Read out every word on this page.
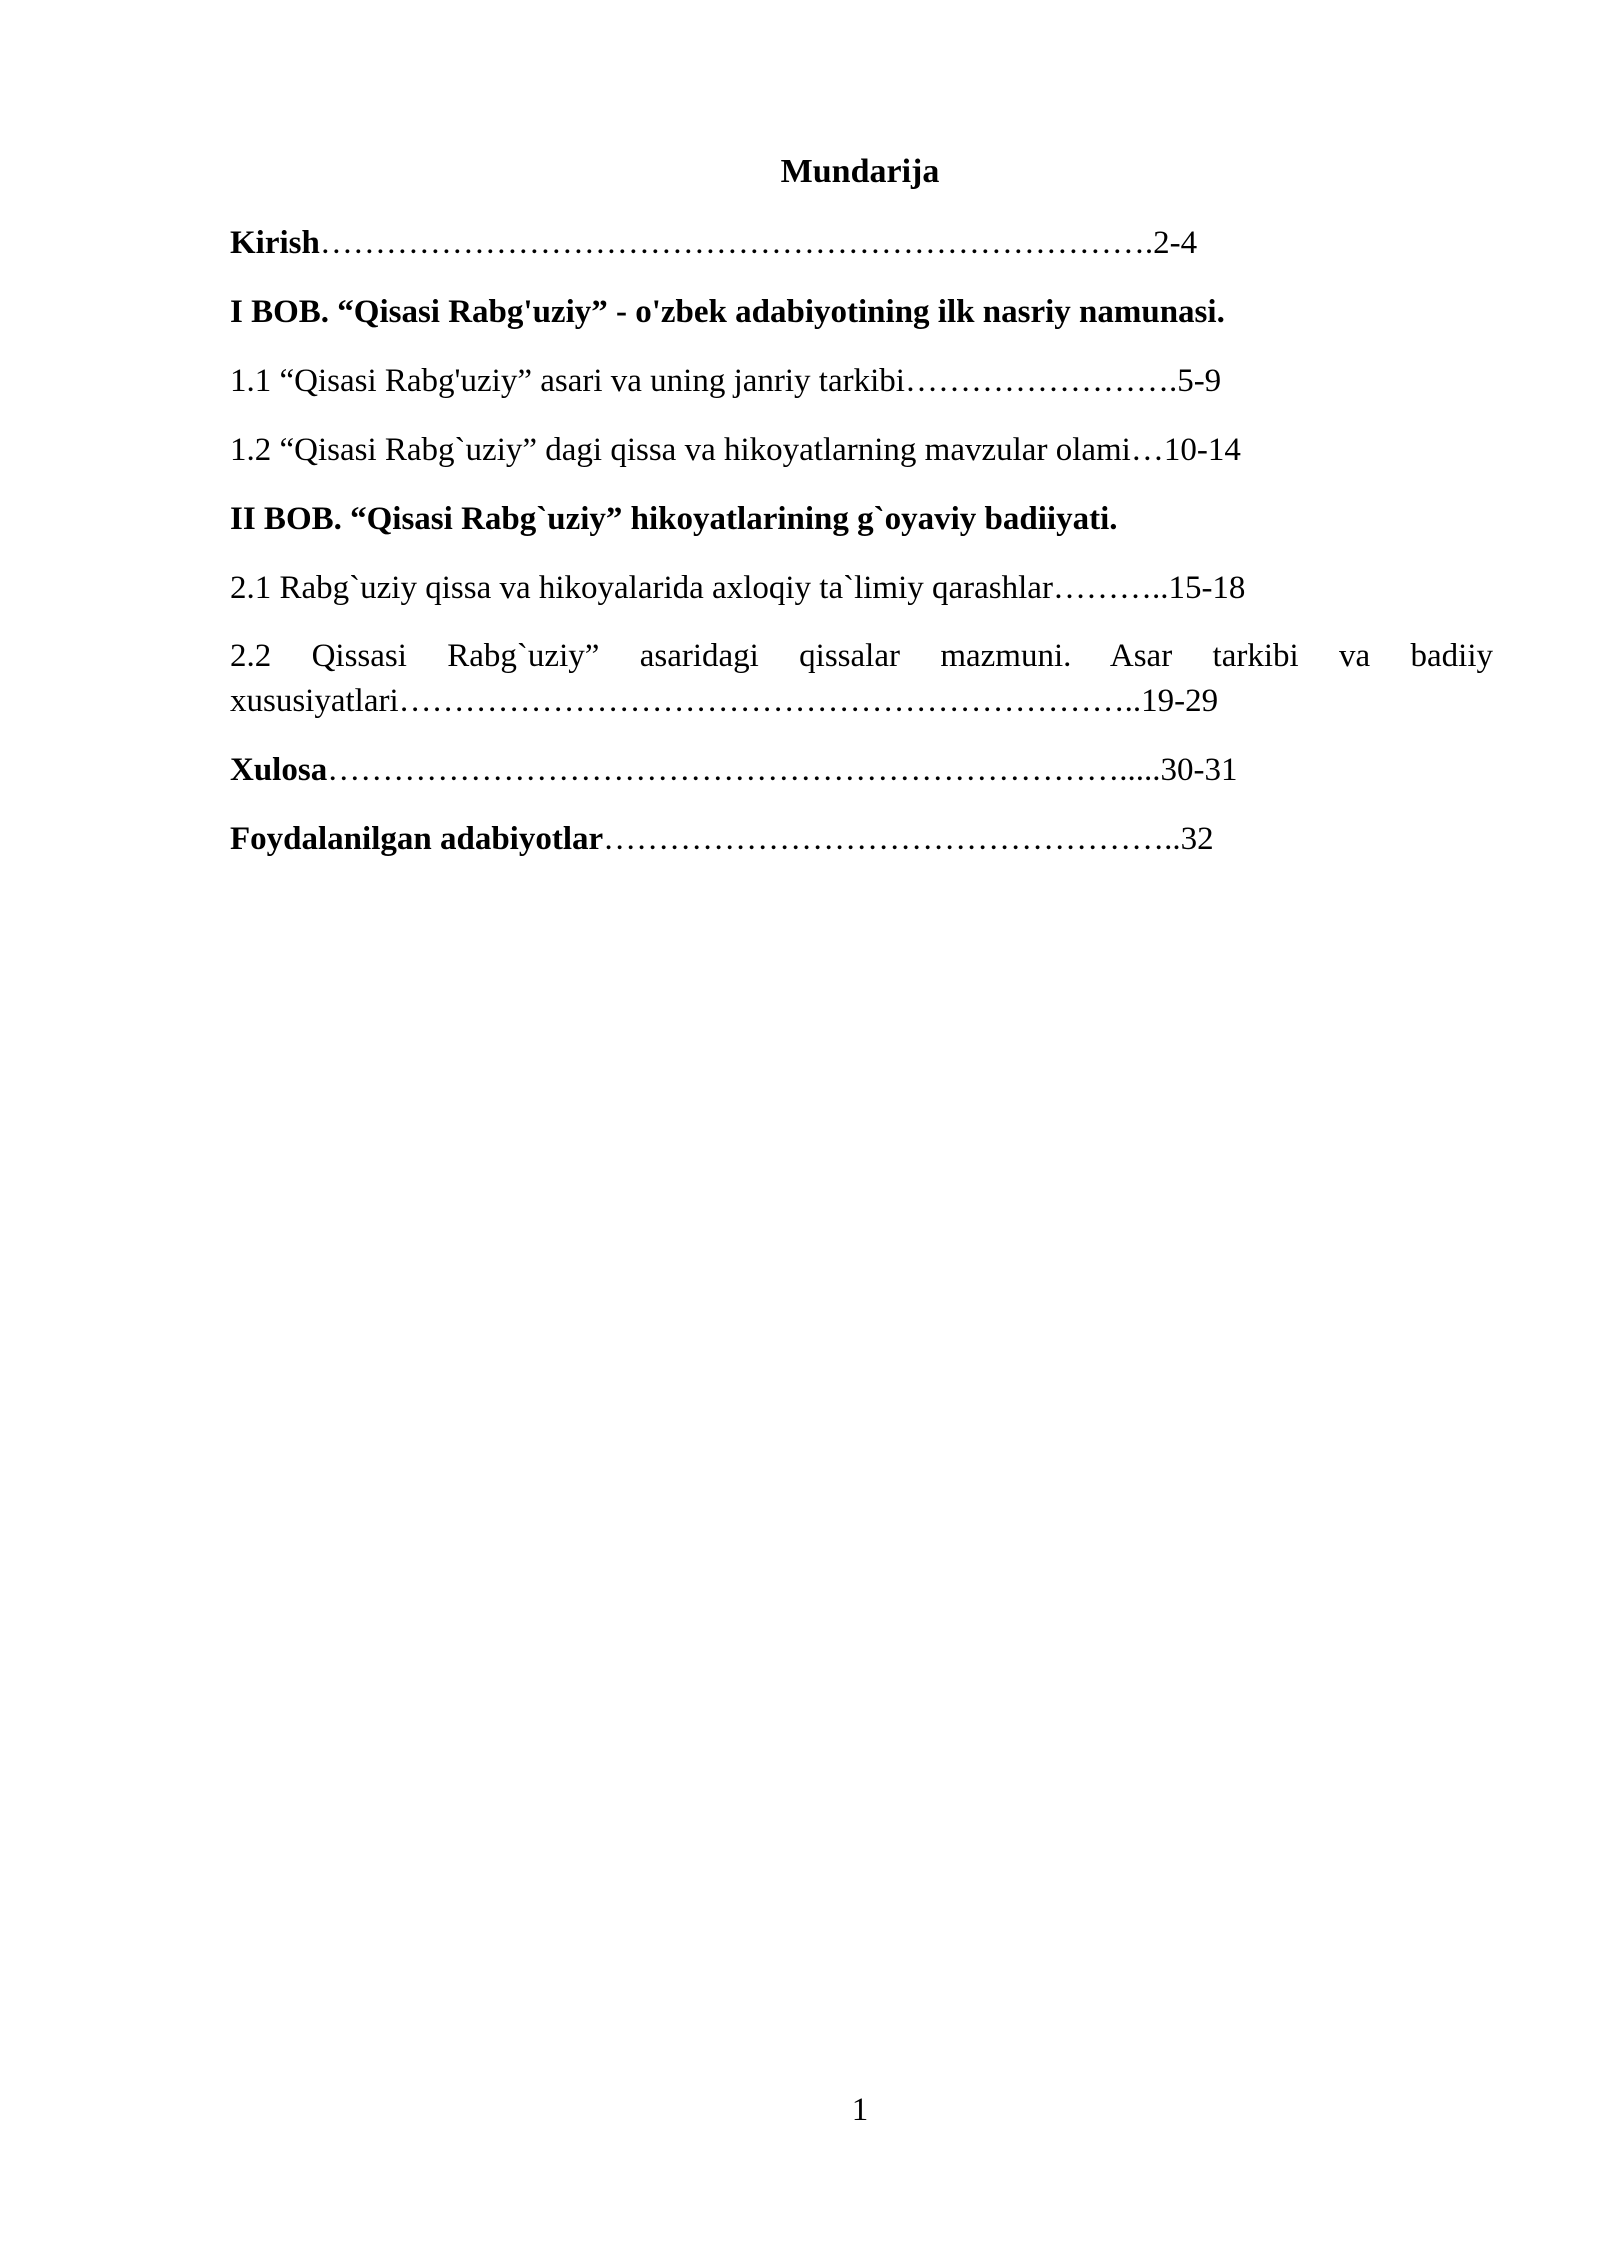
Mundarija
Kirish………………………………………………………………….2-4
I BOB. “Qisasi Rabg'uziy” - o'zbek adabiyotining ilk nasriy namunasi.
1.1 “Qisasi Rabg'uziy” asari va uning janriy tarkibi…………………….5-9
1.2 “Qisasi Rabg`uziy” dagi qissa va hikoyatlarning mavzular olami…10-14
II BOB. “Qisasi Rabg`uziy” hikoyatlarining g`oyaviy badiiyati.
2.1 Rabg`uziy qissa va hikoyalarida axloqiy ta`limiy qarashlar………..15-18
2.2 Qissasi Rabg`uziy” asaridagi qissalar mazmuni. Asar tarkibi va badiiy xususiyatlari…………………………………………………………..19-29
Xulosa……………………………………………………………….....30-31
Foydalanilgan adabiyotlar……………………………………………..32
1
